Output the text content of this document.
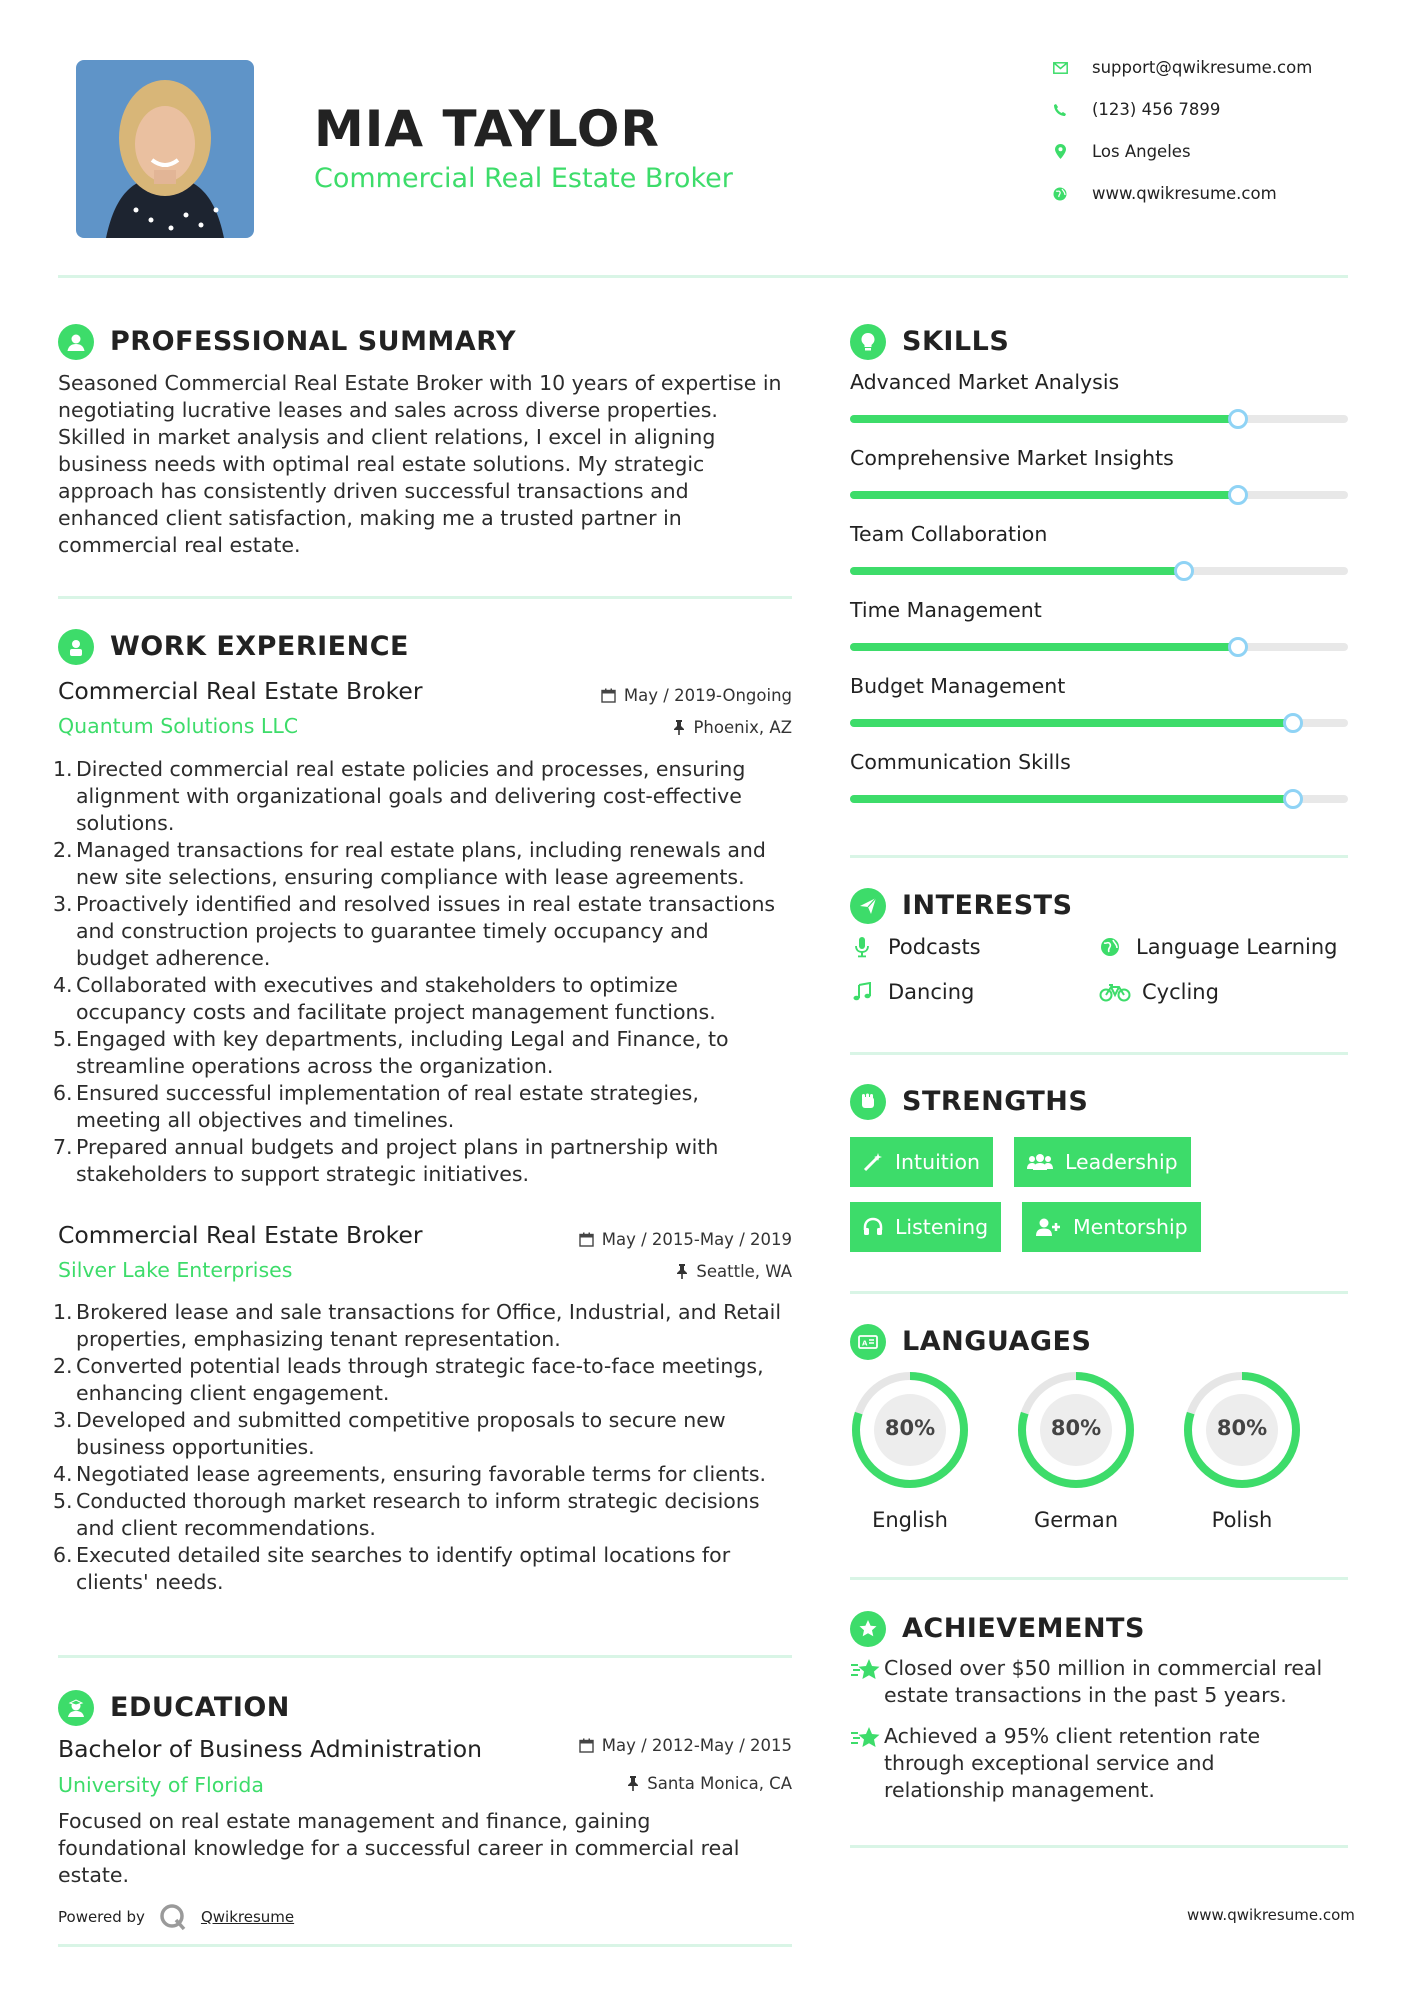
MIA TAYLOR
Commercial Real Estate Broker
support@qwikresume.com
(123) 456 7899
Los Angeles
www.qwikresume.com
PROFESSIONAL SUMMARY
Seasoned Commercial Real Estate Broker with 10 years of expertise in
negotiating lucrative leases and sales across diverse properties.
Skilled in market analysis and client relations, I excel in aligning
business needs with optimal real estate solutions. My strategic
approach has consistently driven successful transactions and
enhanced client satisfaction, making me a trusted partner in
commercial real estate.
WORK EXPERIENCE
Commercial Real Estate Broker	May / 2019-Ongoing
Quantum Solutions LLC	Phoenix, AZ
1. Directed commercial real estate policies and processes, ensuring
alignment with organizational goals and delivering cost-effective
solutions.
2. Managed transactions for real estate plans, including renewals and
new site selections, ensuring compliance with lease agreements.
3. Proactively identified and resolved issues in real estate transactions
and construction projects to guarantee timely occupancy and
budget adherence.
4. Collaborated with executives and stakeholders to optimize
occupancy costs and facilitate project management functions.
5. Engaged with key departments, including Legal and Finance, to
streamline operations across the organization.
6. Ensured successful implementation of real estate strategies,
meeting all objectives and timelines.
7. Prepared annual budgets and project plans in partnership with
stakeholders to support strategic initiatives.
Commercial Real Estate Broker	May / 2015-May / 2019
Silver Lake Enterprises	Seattle, WA
1. Brokered lease and sale transactions for Office, Industrial, and Retail
properties, emphasizing tenant representation.
2. Converted potential leads through strategic face-to-face meetings,
enhancing client engagement.
3. Developed and submitted competitive proposals to secure new
business opportunities.
4. Negotiated lease agreements, ensuring favorable terms for clients.
5. Conducted thorough market research to inform strategic decisions
and client recommendations.
6. Executed detailed site searches to identify optimal locations for
clients' needs.
EDUCATION
Bachelor of Business Administration	May / 2012-May / 2015
University of Florida	Santa Monica, CA
Focused on real estate management and finance, gaining
foundational knowledge for a successful career in commercial real
estate.
Powered by	Qwikresume
SKILLS
Advanced Market Analysis
Comprehensive Market Insights
Team Collaboration
Time Management
Budget Management
Communication Skills
INTERESTS
Podcasts	Language Learning
Dancing	Cycling
STRENGTHS
Intuition	Leadership
Listening	Mentorship
A LANGUAGES
80%
English
80%
German
80%
Polish
ACHIEVEMENTS
Closed over $50 million in commercial real
estate transactions in the past 5 years.
Achieved a 95% client retention rate
through exceptional service and
relationship management.
www.qwikresume.com
